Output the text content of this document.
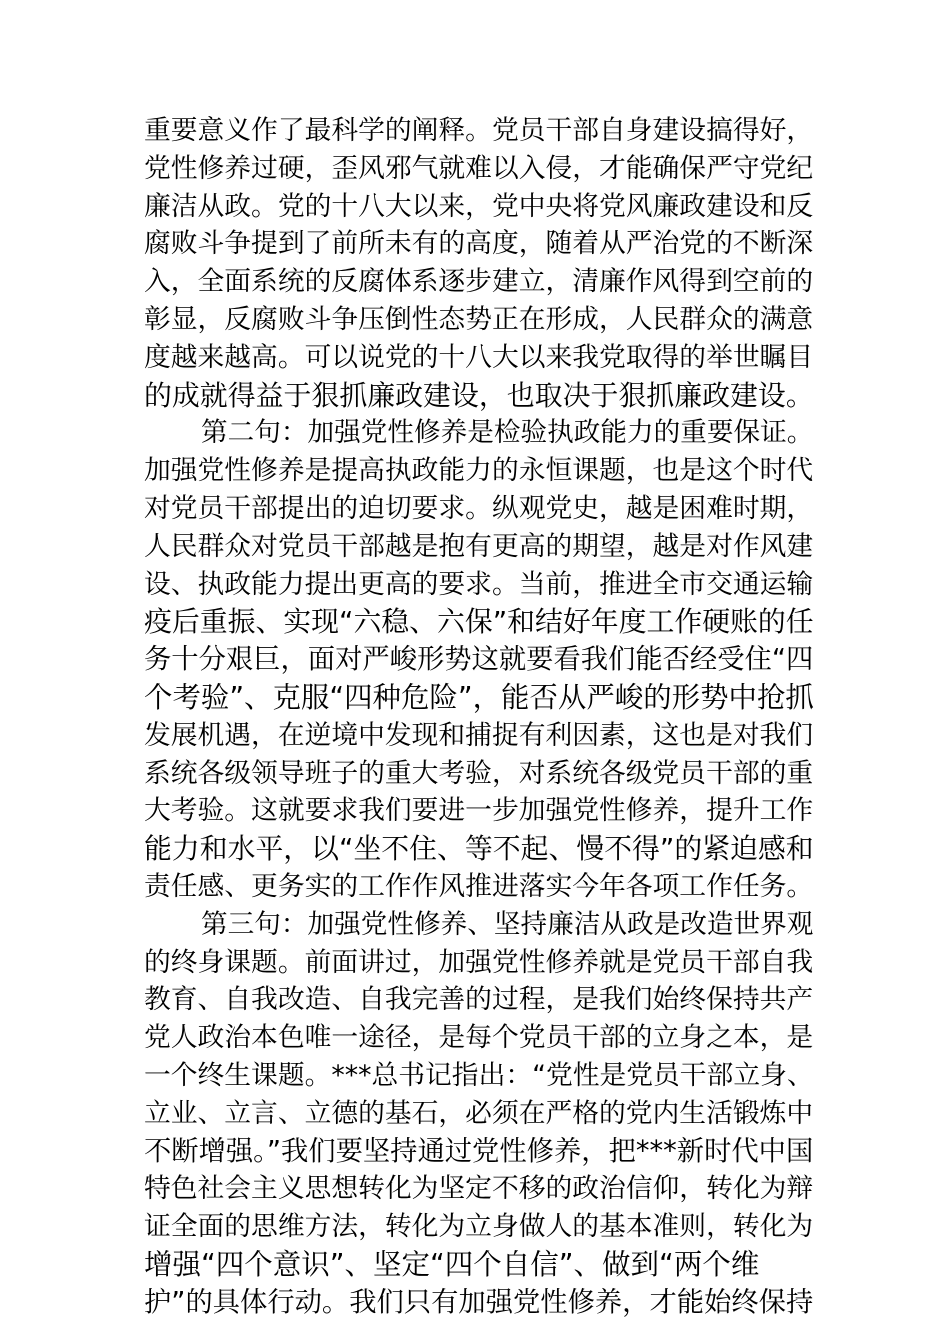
重要意义作了最科学的阐释。党员干部自身建设搞得好，
党性修养过硬，歪风邪气就难以入侵，才能确保严守党纪
廉洁从政。党的十八大以来，党中央将党风廉政建设和反
腐败斗争提到了前所未有的高度，随着从严治党的不断深
入，全面系统的反腐体系逐步建立，清廉作风得到空前的
彰显，反腐败斗争压倒性态势正在形成，人民群众的满意
度越来越高。可以说党的十八大以来我党取得的举世瞩目
的成就得益于狠抓廉政建设，也取决于狠抓廉政建设。
第二句：加强党性修养是检验执政能力的重要保证。
加强党性修养是提高执政能力的永恒课题，也是这个时代
对党员干部提出的迫切要求。纵观党史，越是困难时期，
人民群众对党员干部越是抱有更高的期望，越是对作风建
设、执政能力提出更高的要求。当前，推进全市交通运输
疫后重振、实现“六稳、六保”和结好年度工作硬账的任
务十分艰巨，面对严峻形势这就要看我们能否经受住“四
个考验”、克服“四种危险”，能否从严峻的形势中抢抓
发展机遇，在逆境中发现和捕捉有利因素，这也是对我们
系统各级领导班子的重大考验，对系统各级党员干部的重
大考验。这就要求我们要进一步加强党性修养，提升工作
能力和水平，以“坐不住、等不起、慢不得”的紧迫感和
责任感、更务实的工作作风推进落实今年各项工作任务。
第三句：加强党性修养、坚持廉洁从政是改造世界观
的终身课题。前面讲过，加强党性修养就是党员干部自我
教育、自我改造、自我完善的过程，是我们始终保持共产
党人政治本色唯一途径，是每个党员干部的立身之本，是
一个终生课题。***总书记指出：“党性是党员干部立身、
立业、立言、立德的基石，必须在严格的党内生活锻炼中
不断增强。”我们要坚持通过党性修养，把***新时代中国
特色社会主义思想转化为坚定不移的政治信仰，转化为辩
证全面的思维方法，转化为立身做人的基本准则，转化为
增强“四个意识”、坚定“四个自信”、做到“两个维
护”的具体行动。我们只有加强党性修养，才能始终保持
